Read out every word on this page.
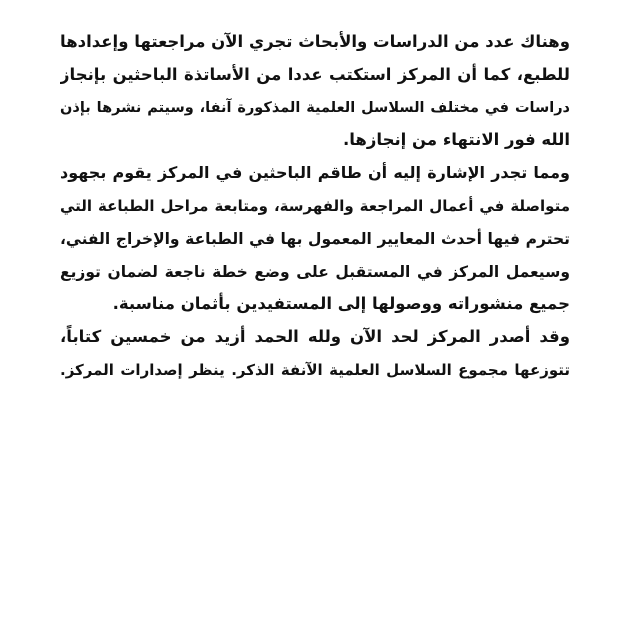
وهناك عدد من الدراسات والأبحاث تجري الآن مراجعتها وإعدادها
للطبع، كما أن المركز استكتب عددا من الأساتذة الباحثين بإنجاز
دراسات في مختلف السلاسل العلمية المذكورة آنفا، وسيتم نشرها بإذن
الله فور الانتهاء من إنجازها.
ومما تجدر الإشارة إليه أن طاقم الباحثين في المركز يقوم بجهود
متواصلة في أعمال المراجعة والفهرسة، ومتابعة مراحل الطباعة التي
تحترم فيها أحدث المعايير المعمول بها في الطباعة والإخراج الفني،
وسيعمل المركز في المستقبل على وضع خطة ناجعة لضمان توزيع
جميع منشوراته ووصولها إلى المستفيدين بأثمان مناسبة.
وقد أصدر المركز لحد الآن ولله الحمد أزيد من خمسين كتاباً،
تتوزعها مجموع السلاسل العلمية الآنفة الذكر. ينظر إصدارات المركز.
